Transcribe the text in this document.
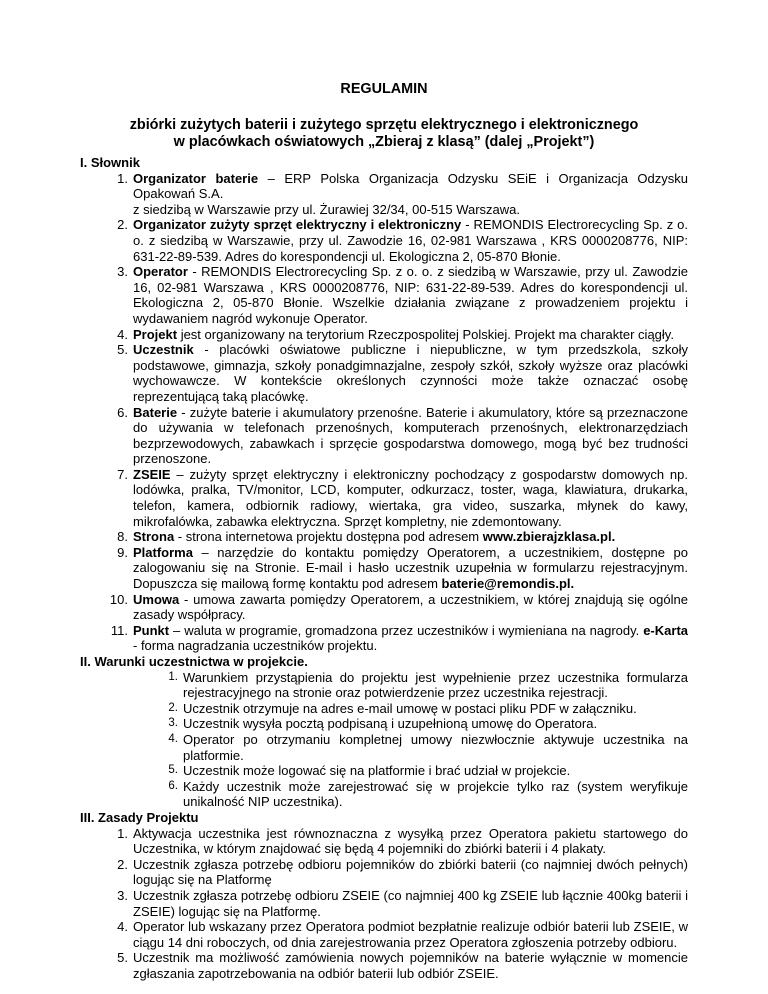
REGULAMIN
zbiórki zużytych baterii i zużytego sprzętu elektrycznego i elektronicznego
w placówkach oświatowych „Zbieraj z klasą” (dalej „Projekt”)
I. Słownik
1. Organizator baterie – ERP Polska Organizacja Odzysku SEiE i Organizacja Odzysku Opakowań S.A.
z siedzibą w Warszawie przy ul. Żurawiej 32/34, 00-515 Warszawa.
2. Organizator zużyty sprzęt elektryczny i elektroniczny - REMONDIS Electrorecycling Sp. z o. o. z siedzibą w Warszawie, przy ul. Zawodzie 16, 02-981 Warszawa , KRS 0000208776, NIP: 631-22-89-539. Adres do korespondencji ul. Ekologiczna 2, 05-870 Błonie.
3. Operator - REMONDIS Electrorecycling Sp. z o. o. z siedzibą w Warszawie, przy ul. Zawodzie 16, 02-981 Warszawa , KRS 0000208776, NIP: 631-22-89-539. Adres do korespondencji ul. Ekologiczna 2, 05-870 Błonie. Wszelkie działania związane z prowadzeniem projektu i wydawaniem nagród wykonuje Operator.
4. Projekt jest organizowany na terytorium Rzeczpospolitej Polskiej. Projekt ma charakter ciągły.
5. Uczestnik - placówki oświatowe publiczne i niepubliczne, w tym przedszkola, szkoły podstawowe, gimnazja, szkoły ponadgimnazjalne, zespoły szkół, szkoły wyższe oraz placówki wychowawcze. W kontekście określonych czynności może także oznaczać osobę reprezentującą taką placówkę.
6. Baterie - zużyte baterie i akumulatory przenośne. Baterie i akumulatory, które są przeznaczone do używania w telefonach przenośnych, komputerach przenośnych, elektronarzędziach bezprzewodowych, zabawkach i sprzęcie gospodarstwa domowego, mogą być bez trudności przenoszone.
7. ZSEIE – zużyty sprzęt elektryczny i elektroniczny pochodzący z gospodarstw domowych np. lodówka, pralka, TV/monitor, LCD, komputer, odkurzacz, toster, waga, klawiatura, drukarka, telefon, kamera, odbiornik radiowy, wiertaka, gra video, suszarka, młynek do kawy, mikrofalówka, zabawka elektryczna. Sprzęt kompletny, nie zdemontowany.
8. Strona - strona internetowa projektu dostępna pod adresem www.zbierajzklasa.pl.
9. Platforma – narzędzie do kontaktu pomiędzy Operatorem, a uczestnikiem, dostępne po zalogowaniu się na Stronie. E-mail i hasło uczestnik uzupełnia w formularzu rejestracyjnym. Dopuszcza się mailową formę kontaktu pod adresem baterie@remondis.pl.
10. Umowa - umowa zawarta pomiędzy Operatorem, a uczestnikiem, w której znajdują się ogólne zasady współpracy.
11. Punkt – waluta w programie, gromadzona przez uczestników i wymieniana na nagrody. e-Karta - forma nagradzania uczestników projektu.
II. Warunki uczestnictwa w projekcie.
1. Warunkiem przystąpienia do projektu jest wypełnienie przez uczestnika formularza rejestracyjnego na stronie oraz potwierdzenie przez uczestnika rejestracji.
2. Uczestnik otrzymuje na adres e-mail umowę w postaci pliku PDF w załączniku.
3. Uczestnik wysyła pocztą podpisaną i uzupełnioną umowę do Operatora.
4. Operator po otrzymaniu kompletnej umowy niezwłocznie aktywuje uczestnika na platformie.
5. Uczestnik może logować się na platformie i brać udział w projekcie.
6. Każdy uczestnik może zarejestrować się w projekcie tylko raz (system weryfikuje unikalność NIP uczestnika).
III. Zasady Projektu
1. Aktywacja uczestnika jest równoznaczna z wysyłką przez Operatora pakietu startowego do Uczestnika, w którym znajdować się będą 4 pojemniki do zbiórki baterii i 4 plakaty.
2. Uczestnik zgłasza potrzebę odbioru pojemników do zbiórki baterii (co najmniej dwóch pełnych) logując się na Platformę
3. Uczestnik zgłasza potrzebę odbioru ZSEIE (co najmniej 400 kg ZSEIE lub łącznie 400kg baterii i ZSEIE) logując się na Platformę.
4. Operator lub wskazany przez Operatora podmiot bezpłatnie realizuje odbiór baterii lub ZSEIE, w ciągu 14 dni roboczych, od dnia zarejestrowania przez Operatora zgłoszenia potrzeby odbioru.
5. Uczestnik ma możliwość zamówienia nowych pojemników na baterie wyłącznie w momencie zgłaszania zapotrzebowania na odbiór baterii lub odbiór ZSEIE.
